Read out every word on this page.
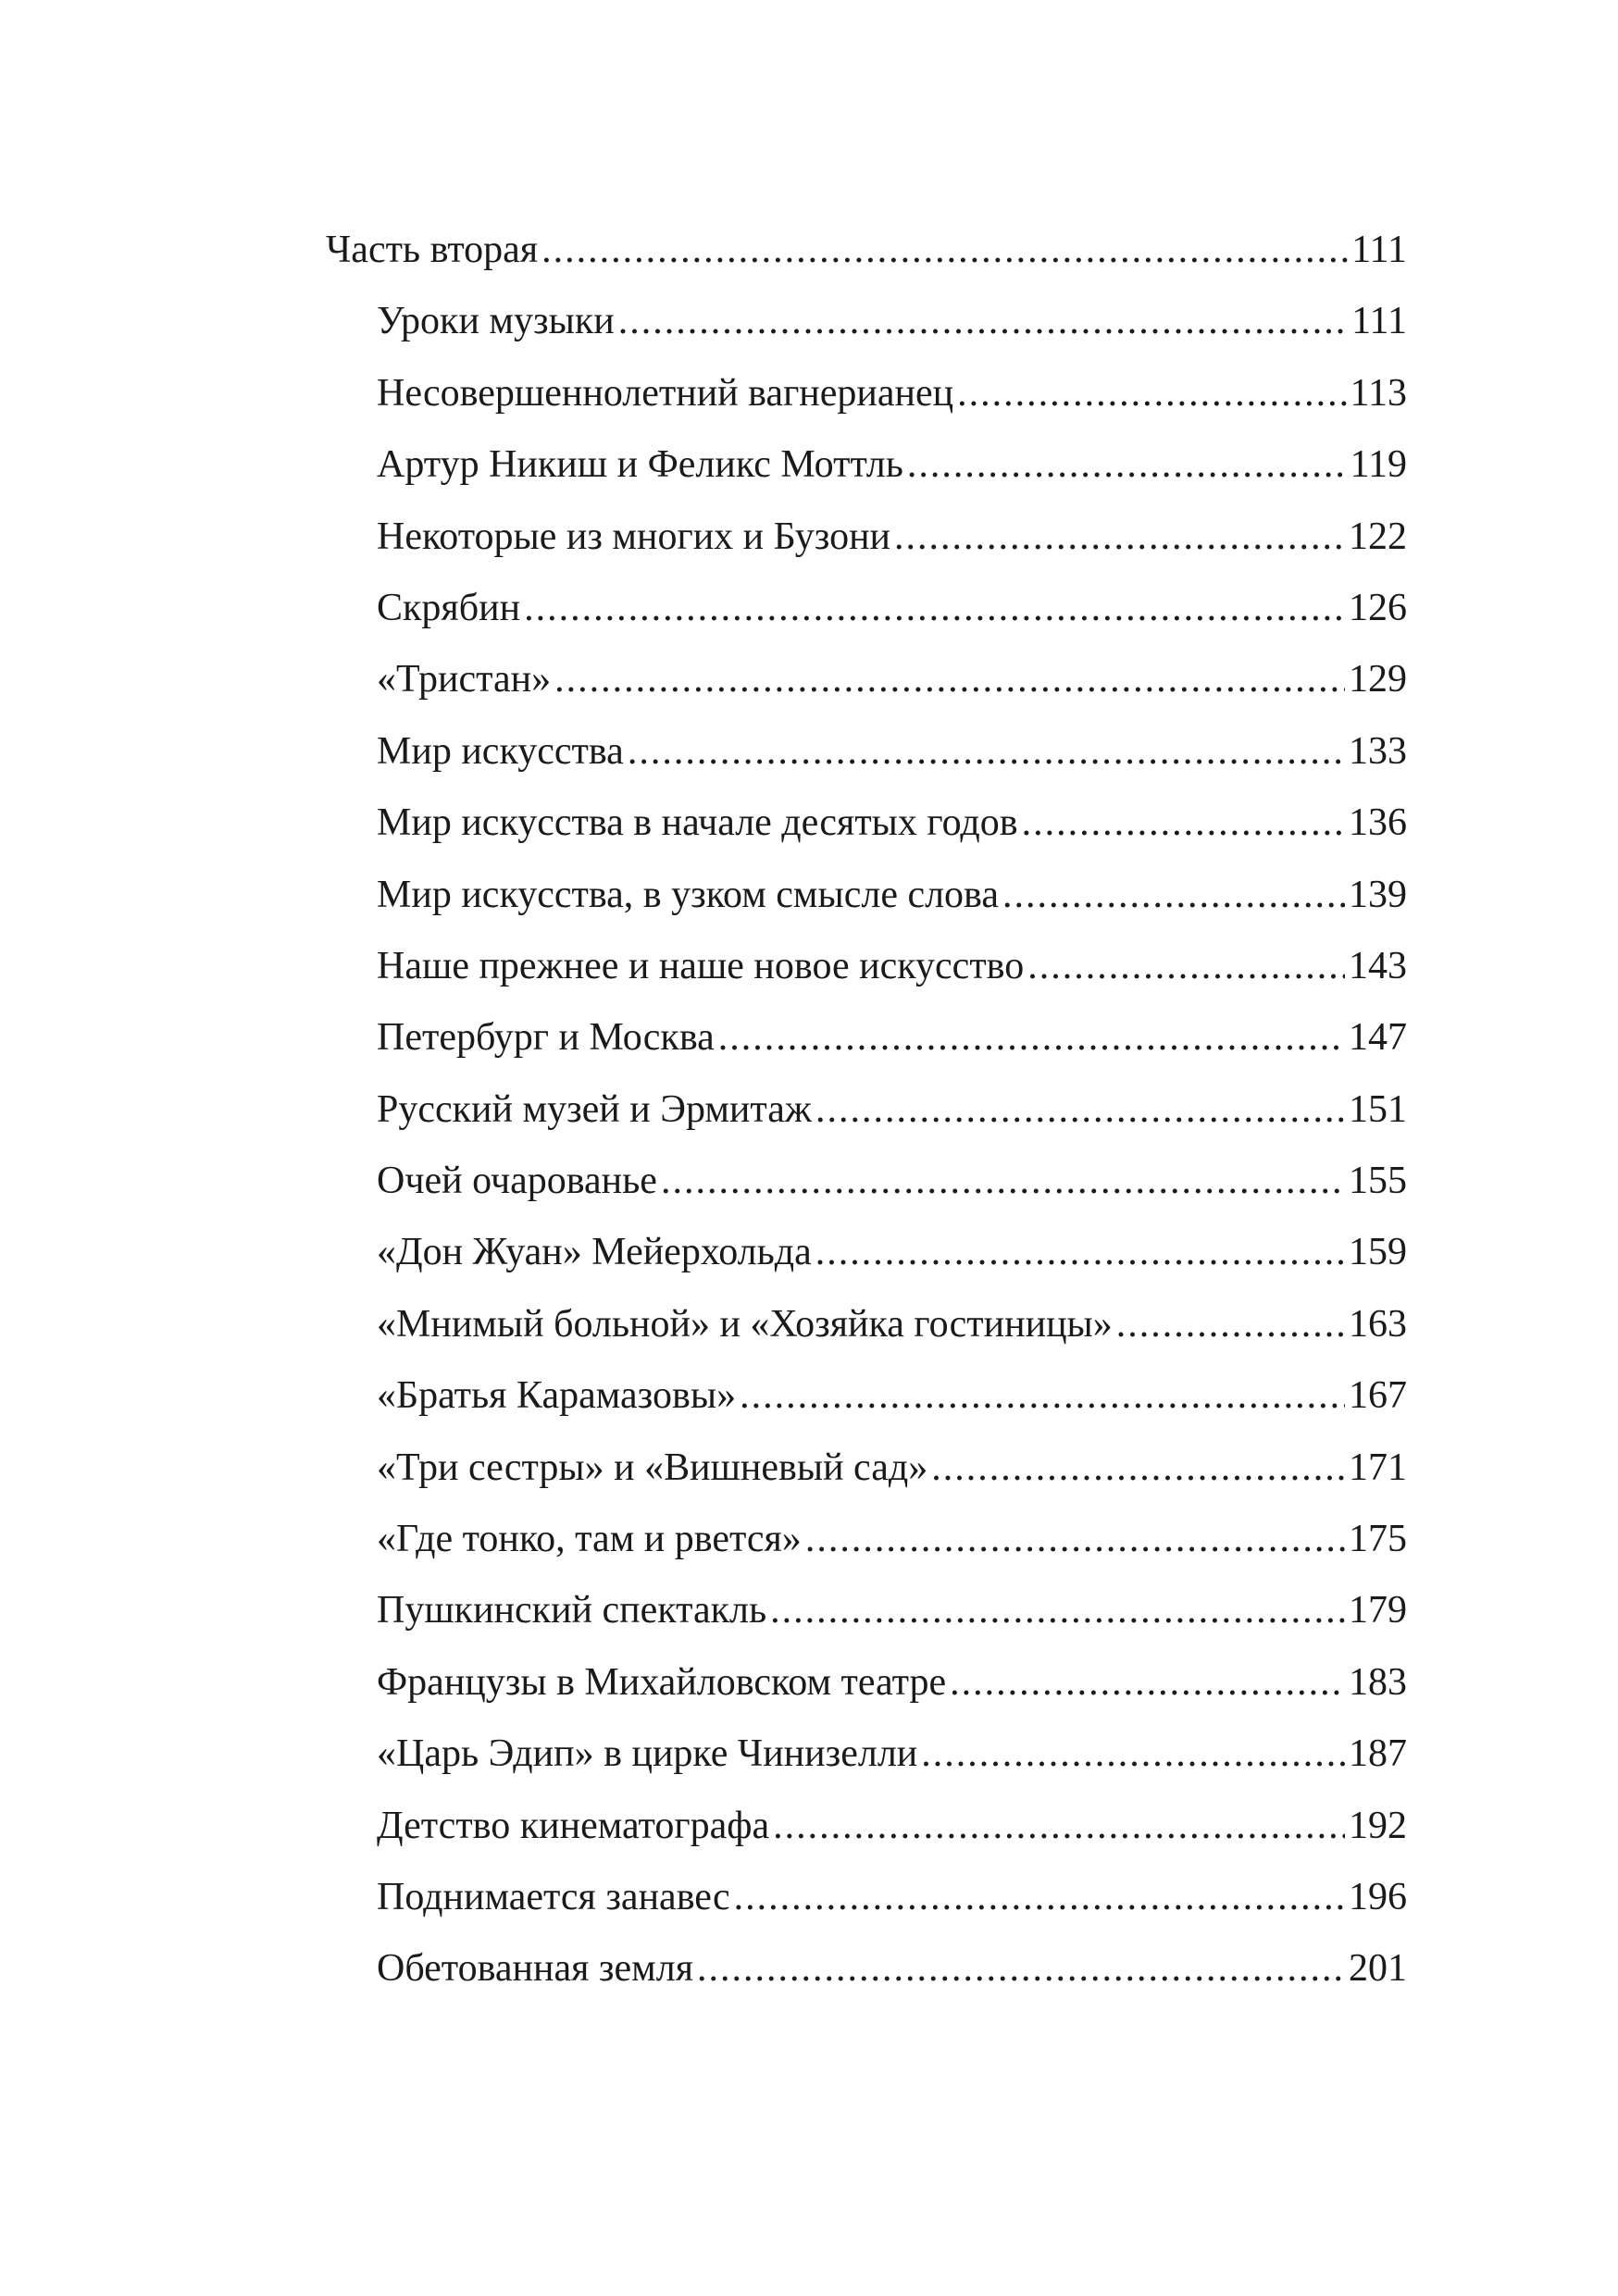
Часть вторая .....	111
Уроки музыки .....	111
Несовершеннолетний вагнерианец .....	113
Артур Никиш и Феликс Моттль .....	119
Некоторые из многих и Бузони .....	122
Скрябин .....	126
«Тристан» .....	129
Мир искусства .....	133
Мир искусства в начале десятых годов .....	136
Мир искусства, в узком смысле слова .....	139
Наше прежнее и наше новое искусство .....	143
Петербург и Москва .....	147
Русский музей и Эрмитаж .....	151
Очей очарованье .....	155
«Дон Жуан» Мейерхольда .....	159
«Мнимый больной» и «Хозяйка гостиницы» .....	163
«Братья Карамазовы» .....	167
«Три сестры» и «Вишневый сад» .....	171
«Где тонко, там и рвется» .....	175
Пушкинский спектакль .....	179
Французы в Михайловском театре .....	183
«Царь Эдип» в цирке Чинизелли .....	187
Детство кинематографа .....	192
Поднимается занавес .....	196
Обетованная земля .....	201
